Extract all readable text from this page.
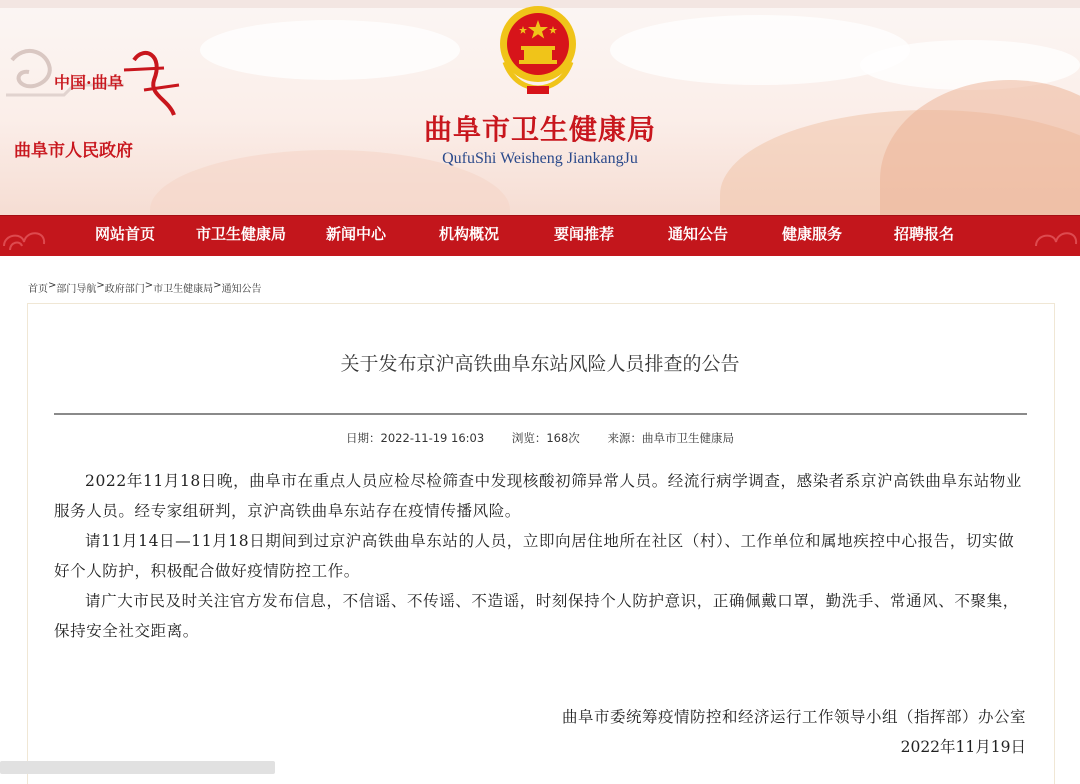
中国·曲阜
曲阜市人民政府
曲阜市卫生健康局
QufuShi Weisheng JiankangJu
网站首页	市卫生健康局	新闻中心	机构概况	要闻推荐	通知公告	健康服务	招聘报名
首页 > 部门导航 > 政府部门 > 市卫生健康局 > 通知公告
关于发布京沪高铁曲阜东站风险人员排查的公告
日期：2022-11-19 16:03 浏览：168次 来源：曲阜市卫生健康局

2022年11月18日晚，曲阜市在重点人员应检尽检筛查中发现核酸初筛异常人员。经流行病学调查，感染者系京沪高铁曲阜东站物业服务人员。经专家组研判，京沪高铁曲阜东站存在疫情传播风险。

请11月14日—11月18日期间到过京沪高铁曲阜东站的人员，立即向居住地所在社区（村）、工作单位和属地疾控中心报告，切实做好个人防护，积极配合做好疫情防控工作。

请广大市民及时关注官方发布信息，不信谣、不传谣、不造谣，时刻保持个人防护意识，正确佩戴口罩，勤洗手、常通风、不聚集，保持安全社交距离。

曲阜市委统筹疫情防控和经济运行工作领导小组（指挥部）办公室
2022年11月19日
